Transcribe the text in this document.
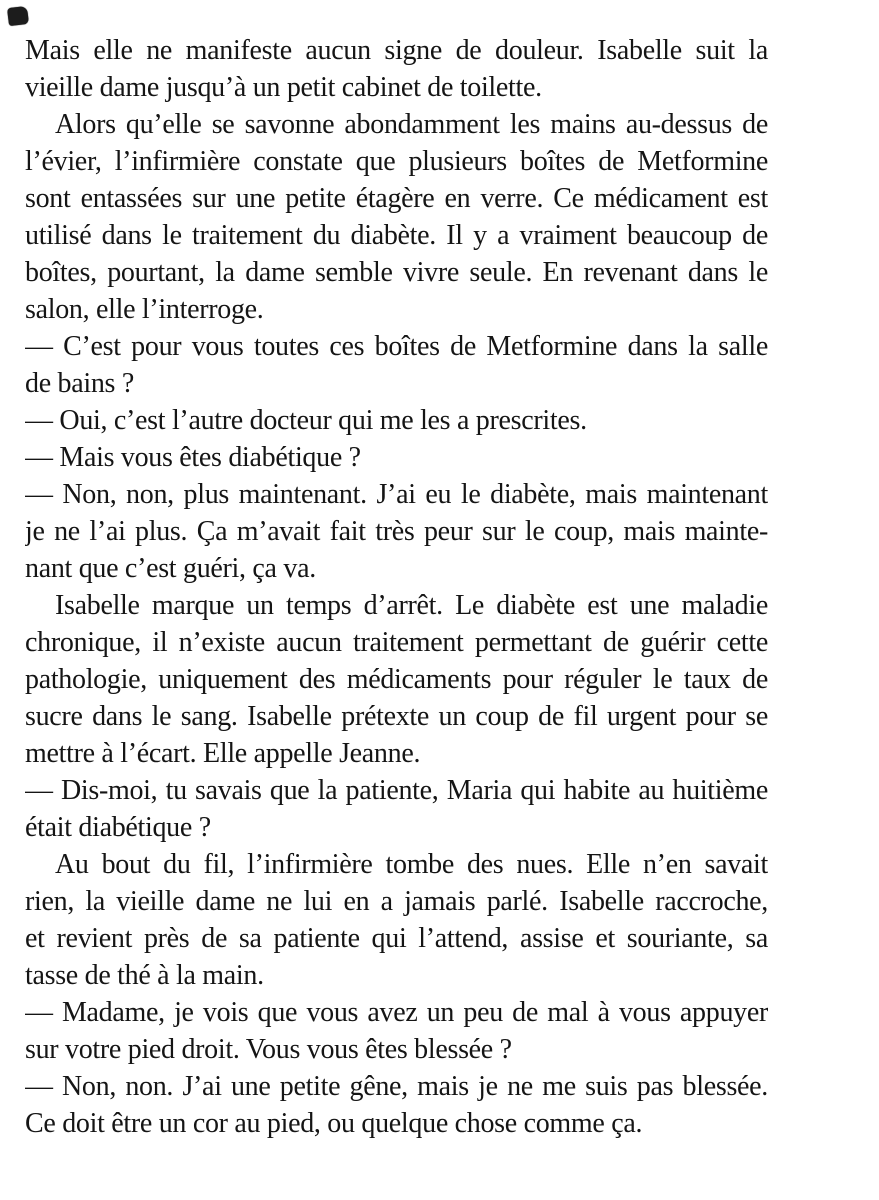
Mais elle ne manifeste aucun signe de douleur. Isabelle suit la
vieille dame jusqu’à un petit cabinet de toilette.
Alors qu’elle se savonne abondamment les mains au-dessus de
l’évier, l’infirmière constate que plusieurs boîtes de Metformine
sont entassées sur une petite étagère en verre. Ce médicament est
utilisé dans le traitement du diabète. Il y a vraiment beaucoup de
boîtes, pourtant, la dame semble vivre seule. En revenant dans le
salon, elle l’interroge.
— C’est pour vous toutes ces boîtes de Metformine dans la salle
de bains ?
— Oui, c’est l’autre docteur qui me les a prescrites.
— Mais vous êtes diabétique ?
— Non, non, plus maintenant. J’ai eu le diabète, mais maintenant
je ne l’ai plus. Ça m’avait fait très peur sur le coup, mais mainte-
nant que c’est guéri, ça va.
Isabelle marque un temps d’arrêt. Le diabète est une maladie
chronique, il n’existe aucun traitement permettant de guérir cette
pathologie, uniquement des médicaments pour réguler le taux de
sucre dans le sang. Isabelle prétexte un coup de fil urgent pour se
mettre à l’écart. Elle appelle Jeanne.
— Dis-moi, tu savais que la patiente, Maria qui habite au huitième
était diabétique ?
Au bout du fil, l’infirmière tombe des nues. Elle n’en savait
rien, la vieille dame ne lui en a jamais parlé. Isabelle raccroche,
et revient près de sa patiente qui l’attend, assise et souriante, sa
tasse de thé à la main.
— Madame, je vois que vous avez un peu de mal à vous appuyer
sur votre pied droit. Vous vous êtes blessée ?
— Non, non. J’ai une petite gêne, mais je ne me suis pas blessée.
Ce doit être un cor au pied, ou quelque chose comme ça.
